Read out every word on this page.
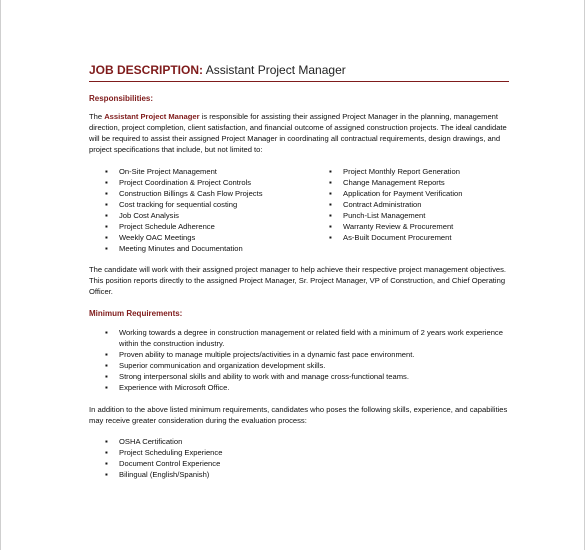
JOB DESCRIPTION: Assistant Project Manager
Responsibilities:
The Assistant Project Manager is responsible for assisting their assigned Project Manager in the planning, management direction, project completion, client satisfaction, and financial outcome of assigned construction projects. The ideal candidate will be required to assist their assigned Project Manager in coordinating all contractual requirements, design drawings, and project specifications that include, but not limited to:
▪ On-Site Project Management
▪ Project Coordination & Project Controls
▪ Construction Billings & Cash Flow Projects
▪ Cost tracking for sequential costing
▪ Job Cost Analysis
▪ Project Schedule Adherence
▪ Weekly OAC Meetings
▪ Meeting Minutes and Documentation
▪ Project Monthly Report Generation
▪ Change Management Reports
▪ Application for Payment Verification
▪ Contract Administration
▪ Punch-List Management
▪ Warranty Review & Procurement
▪ As-Built Document Procurement
The candidate will work with their assigned project manager to help achieve their respective project management objectives. This position reports directly to the assigned Project Manager, Sr. Project Manager, VP of Construction, and Chief Operating Officer.
Minimum Requirements:
▪ Working towards a degree in construction management or related field with a minimum of 2 years work experience within the construction industry.
▪ Proven ability to manage multiple projects/activities in a dynamic fast pace environment.
▪ Superior communication and organization development skills.
▪ Strong interpersonal skills and ability to work with and manage cross-functional teams.
▪ Experience with Microsoft Office.
In addition to the above listed minimum requirements, candidates who poses the following skills, experience, and capabilities may receive greater consideration during the evaluation process:
▪ OSHA Certification
▪ Project Scheduling Experience
▪ Document Control Experience
▪ Bilingual (English/Spanish)
